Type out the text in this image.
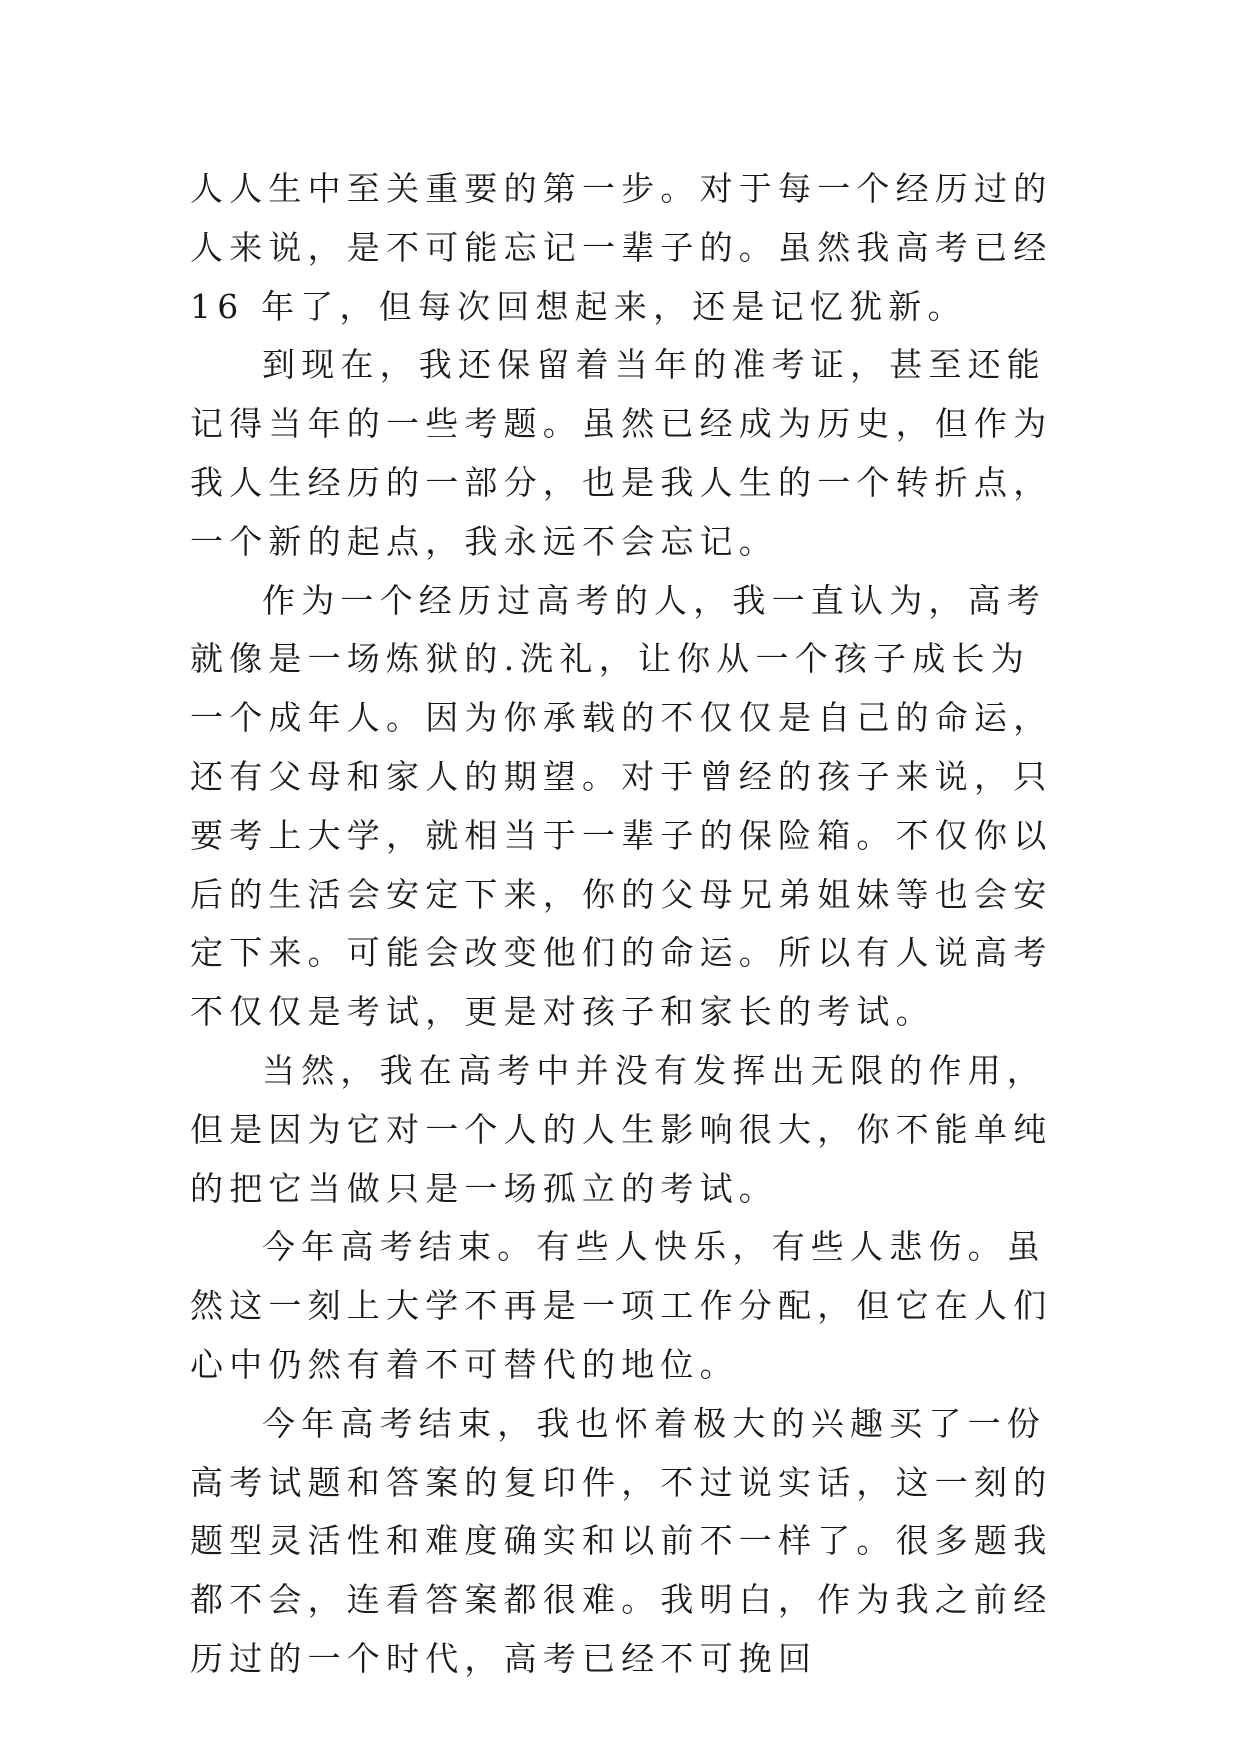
人人生中至关重要的第一步。对于每一个经历过的人来说，是不可能忘记一辈子的。虽然我高考已经 16 年了，但每次回想起来，还是记忆犹新。

到现在，我还保留着当年的准考证，甚至还能记得当年的一些考题。虽然已经成为历史，但作为我人生经历的一部分，也是我人生的一个转折点，一个新的起点，我永远不会忘记。

作为一个经历过高考的人，我一直认为，高考就像是一场炼狱的.洗礼，让你从一个孩子成长为一个成年人。因为你承载的不仅仅是自己的命运，还有父母和家人的期望。对于曾经的孩子来说，只要考上大学，就相当于一辈子的保险箱。不仅你以后的生活会安定下来，你的父母兄弟姐妹等也会安定下来。可能会改变他们的命运。所以有人说高考不仅仅是考试，更是对孩子和家长的考试。

当然，我在高考中并没有发挥出无限的作用，但是因为它对一个人的人生影响很大，你不能单纯的把它当做只是一场孤立的考试。

今年高考结束。有些人快乐，有些人悲伤。虽然这一刻上大学不再是一项工作分配，但它在人们心中仍然有着不可替代的地位。

今年高考结束，我也怀着极大的兴趣买了一份高考试题和答案的复印件，不过说实话，这一刻的题型灵活性和难度确实和以前不一样了。很多题我都不会，连看答案都很难。我明白，作为我之前经历过的一个时代，高考已经不可挽回
